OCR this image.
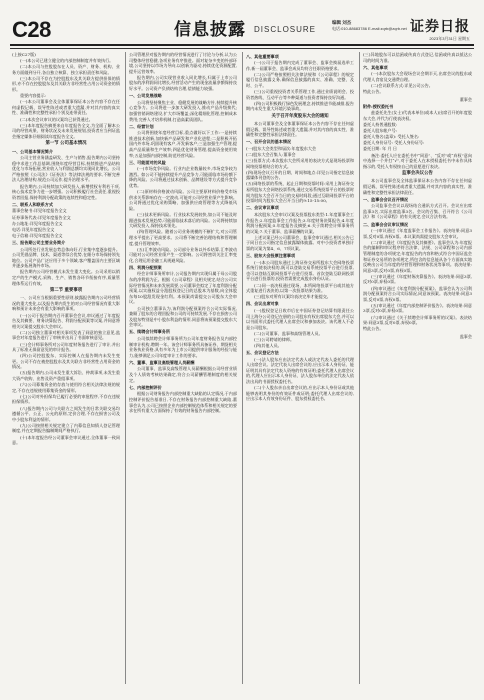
C28	信息披露 DISCLOSURE
编辑 刘杰
电话:010-88683786 E-mail:zqrb@zqrb.net 证券日报
2023年3月31日 星期五

(上接C27版)

(一)本公司已建立健全的内部控制制度并有效执行。

(二)本公司与控股股东在人员、资产、财务、机构、业务方面做到分开,各自独立核算、独立承担责任和风险。

(三)本公司不存在为控股股东及其关联方提供担保的情形,亦不存在控股股东及其关联方非经营性占用公司资金的情形。

重要内容提示:

(一)本公司董事会及全体董事保证本公告内容不存在任何虚假记载、误导性陈述或者重大遗漏,并对其内容的真实性、准确性和完整性承担个别及连带责任。

(二)本次会议审议的议案均已获得通过。

(三)本年度报告摘要来自年度报告全文,为全面了解本公司的经营成果、财务状况及未来发展规划,投资者应当到证监会指定媒体仔细阅读年度报告全文。

第一节 公司基本情况

一、公司基本情况简介

公司主营业务涵盖研发、生产与销售,报告期内公司坚持稳中求进工作总基调,围绕年度经营目标,持续推进产品结构优化与市场拓展,营业收入与利润总额均实现同比增长。公司严格按照《公司法》《证券法》等法律法规的要求,不断完善法人治理结构,规范公司运作,提升治理水平。

报告期内,公司持续加大研发投入,新增授权专利若干项,核心技术竞争力进一步增强。公司积极履行社会责任,重视投资者回报,保持利润分配政策的连续性和稳定性。

二、联系人和联系方式

董事会秘书:详见年度报告全文

证券事务代表:详见年度报告全文

办公地址:详见年度报告全文

电话:详见年度报告全文

电子信箱:详见年度报告全文

三、报告期公司主要业务简介

公司所处行业发展态势总体向好,行业集中度逐步提升。公司凭借品牌、技术、渠道等综合优势,在细分市场保持领先地位。公司产品广泛应用于多个领域,客户覆盖国内主要区域并逐步拓展海外市场。

报告期内公司经营模式未发生重大变化。公司采用以销定产的生产模式,采购、生产、销售各环节衔接有序,质量管理体系运行有效。

第二节 重要事项

一、公司应当根据重要性原则,披露报告期内公司经营情况的重大变化,以及报告期内发生的对公司经营情况有重大影响和预计未来会有重大影响的事项。

(一)公司于报告期内召开董事会会议,审议通过了年度报告及其摘要、财务决算报告、利润分配预案等议案,并同意将相关议案提交股东大会审议。

(二)公司独立董事对相关事项发表了同意的独立意见,监事会对年度报告进行了审核并出具了书面审核意见。

(三)会计师事务所对公司年度财务报告进行了审计,并出具了标准无保留意见的审计报告。

(四)公司控股股东、实际控制人在报告期内未发生变更。公司不存在被控股股东及其关联方非经营性占用资金的情况。

(五)报告期内,公司未发生重大诉讼、仲裁事项,未发生重大资产收购、出售及资产重组事项。

(六)公司募集资金的存放与使用符合相关法律法规的规定,不存在违规使用募集资金的情形。

(七)公司对外担保均已履行必要的审批程序,不存在违规担保情形。

(八)报告期内公司与关联方之间发生的日常关联交易均遵循公平、公正、公允的原则,定价合理,不存在损害公司及中小股东利益的情形。

(九)公司按照相关规定建立了内幕信息知情人登记管理制度,并在定期报告编制期间严格执行。

(十)本年度报告经公司董事会审议通过,全体董事一致同意。

公司管理层对报告期内的经营情况进行了讨论与分析,认为公司整体经营稳健,各项业务有序推进。面对复杂多变的外部环境,公司坚持以市场为导向,以创新为驱动,持续优化资源配置,提升运营效率。

报告期内,公司实现营业收入同比增长,归属于上市公司股东的净利润同比增长,经营活动产生的现金流量净额保持良好水平。公司资产负债结构合理,偿债能力较强。

一、公司发展战略

公司将坚持聚焦主业、稳健发展的战略方针,持续提升核心竞争力。公司将进一步加大研发投入,推动产品升级换代;加强营销网络建设,扩大市场覆盖;深化精细化管理,控制成本费用;完善人才培养机制,打造高素质团队。

二、经营计划

公司将围绕年度经营目标,重点做好以下工作:一是持续推进技术创新,加快新产品研发和产业化进程;二是积极开拓国内外市场,巩固现有客户,开发新客户;三是加强生产管理,提高产品质量和生产效率;四是优化财务管理,提高资金使用效率;五是加强内部控制,防范经营风险。

三、可能面对的风险

(一)市场竞争风险。行业内企业数量较多,市场竞争较为激烈。如公司不能持续提升产品竞争力,可能面临市场份额下降的风险。公司将通过技术创新、品牌建设等方式提升竞争优势。

(二)原材料价格波动风险。公司主要原材料价格受市场供求关系影响存在一定波动,可能对公司经营业绩产生影响。公司将通过优化采购策略、加强供应商管理等方式降低风险。

(三)技术更新风险。行业技术发展较快,如公司不能及时跟进技术发展趋势,可能面临技术落后的风险。公司将持续加大研发投入,保持技术领先。

(四)管理风险。随着公司业务规模的不断扩大,对公司管理水平提出了更高要求。公司将不断完善治理结构和管理制度,提升管理效率。

(五)汇率波动风险。公司部分业务以外币结算,汇率波动可能对公司经营业绩产生一定影响。公司将密切关注汇率变化,合理运用金融工具规避风险。

四、利润分配预案

经会计师事务所审计,公司报告期内实现归属于母公司股东的净利润为正。根据《公司章程》及相关规定,结合公司实际经营情况和未来发展需要,公司董事会拟定了年度利润分配预案,以实施权益分派股权登记日的总股本为基数,向全体股东每10股派发现金红利。本预案尚需提交公司股东大会审议。

公司独立董事认为,该利润分配预案符合公司实际情况,兼顾了股东的合理回报和公司的可持续发展,不存在损害公司及股东特别是中小股东利益的情形,同意将该预案提交股东大会审议。

五、续聘会计师事务所

公司拟续聘会计师事务所为公司年度财务报告及内部控制审计机构,聘期一年。该会计师事务所具备证券、期货相关业务执业资格,具有多年为上市公司提供审计服务的经验与能力,能够满足公司年度审计工作的要求。

六、董事、监事及高级管理人员薪酬

公司董事、监事及高级管理人员薪酬根据公司经营业绩及个人绩效考核结果确定,符合公司薪酬管理制度的相关规定。

七、内部控制评价

根据公司财务报告内部控制重大缺陷的认定情况,于内部控制评价报告基准日,不存在财务报告内部控制重大缺陷,董事会认为,公司已按照企业内部控制规范体系和相关规定的要求在所有重大方面保持了有效的财务报告内部控制。

八、其他重要事项

(一)公司于报告期内完成了董事会、监事会换届选举工作,新一届董事会、监事会成员均符合任职资格要求。

(二)公司严格按照相关法律法规和《公司章程》的规定履行信息披露义务,确保信息披露的真实、准确、完整、及时、公平。

(三)公司重视投资者关系管理工作,通过业绩说明会、投资者热线、互动平台等多种渠道与投资者保持良好沟通。

(四)公司积极践行绿色发展理念,持续推进节能减排,报告期内未发生重大环境污染事故。

关于召开年度股东大会的通知

本公司董事会及全体董事保证本公告内容不存在任何虚假记载、误导性陈述或者重大遗漏,并对其内容的真实性、准确性和完整性承担法律责任。

一、召开会议的基本情况

(一)股东大会类型和届次:年度股东大会

(二)股东大会召集人:董事会

(三)投票方式:本次股东大会所采用的表决方式是现场投票和网络投票相结合的方式。

(四)现场会议召开的日期、时间和地点:详见公司指定信息披露媒体刊登的公告。

(五)网络投票的系统、起止日期和投票时间:采用上海证券交易所股东大会网络投票系统,通过交易系统投票平台的投票时间为股东大会召开当日的交易时间段;通过互联网投票平台的投票时间为股东大会召开当日的9:15-15:00。

二、会议审议事项

本次股东大会审议议案及投票股东类型:1.年度董事会工作报告;2.年度监事会工作报告;3.年度财务决算报告;4.年度利润分配预案;5.年度报告及摘要;6.关于续聘会计师事务所的议案;7.关于董事、监事薪酬的议案。

上述议案已经公司董事会、监事会审议通过,相关公告已于同日在公司指定信息披露媒体披露。对中小投资者单独计票的议案为第4、6、7项议案。

三、股东大会投票注意事项

(一)本公司股东通过上海证券交易所股东大会网络投票系统行使表决权的,既可以登陆交易系统投票平台进行投票,也可以登陆互联网投票平台进行投票。首次登陆互联网投票平台进行投票的,投资者需要完成股东身份认证。

(二)同一表决权通过现场、本所网络投票平台或其他方式重复进行表决的,以第一次投票结果为准。

(三)股东对所有议案均表决完毕才能提交。

四、会议出席对象

(一)股权登记日收市后在中国证券登记结算有限责任公司上海分公司登记在册的公司股东有权出席股东大会,并可以以书面形式委托代理人出席会议和参加表决。该代理人不必是公司股东。

(二)公司董事、监事和高级管理人员。

(三)公司聘请的律师。

(四)其他人员。

五、会议登记方法

(一)法人股东应由法定代表人或法定代表人委托的代理人出席会议。法定代表人出席会议的,应出示本人身份证、能证明其具有法定代表人资格的有效证明;委托代理人出席会议的,代理人应出示本人身份证、法人股东单位的法定代表人依法出具的书面授权委托书。

(二)个人股东亲自出席会议的,应出示本人身份证或其他能够表明其身份的有效证件或证明;委托代理人出席会议的,应出示本人有效身份证件、股东授权委托书。

(三)异地股东可以信函或传真方式登记,信函或传真以抵达公司的时间为准。

六、其他事项

(一)本次股东大会现场会议会期半天,出席会议的股东或代理人食宿及交通费自理。

(二)会议联系方式:详见公司公告。

特此公告。

董事会

附件:授权委托书

兹委托先生(女士)代表本单位(或本人)出席召开的年度股东大会,并代为行使表决权。

委托人持普通股数:

委托人股东帐户号:

委托人签名(盖章): 受托人签名:

委托人身份证号: 受托人身份证号:

委托日期: 年 月 日

备注:委托人应在委托书中“同意”、“反对”或“弃权”意向中选择一个并打“√”,对于委托人在本授权委托书中未作具体指示的,受托人有权按自己的意愿进行表决。

监事会决议公告

本公司监事会及全体监事保证本公告内容不存在任何虚假记载、误导性陈述或者重大遗漏,并对其内容的真实性、准确性和完整性承担法律责任。

一、监事会会议召开情况

公司监事会会议以现场结合通讯方式召开。会议应出席监事3名,实际出席监事3名。会议的召集、召开符合《公司法》和《公司章程》的有关规定,会议合法有效。

二、监事会会议审议情况

(一)审议通过《年度监事会工作报告》。表决结果:同意3票,反对0票,弃权0票。本议案尚需提交股东大会审议。

(二)审议通过《年度报告及其摘要》。监事会认为:年度报告的编制和审议程序符合法律、法规、公司章程和公司内部管理制度的各项规定;年度报告的内容和格式符合中国证监会和证券交易所的各项规定,所包含的信息能从各个方面真实地反映出公司当年度的经营管理和财务状况等事项。表决结果:同意3票,反对0票,弃权0票。

(三)审议通过《年度财务决算报告》。表决结果:同意3票,反对0票,弃权0票。

(四)审议通过《年度利润分配预案》。监事会认为公司利润分配预案符合公司实际情况,同意该预案。表决结果:同意3票,反对0票,弃权0票。

(五)审议通过《年度内部控制评价报告》。表决结果:同意3票,反对0票,弃权0票。

(六)审议通过《关于续聘会计师事务所的议案》。表决结果:同意3票,反对0票,弃权0票。

特此公告。

监事会
